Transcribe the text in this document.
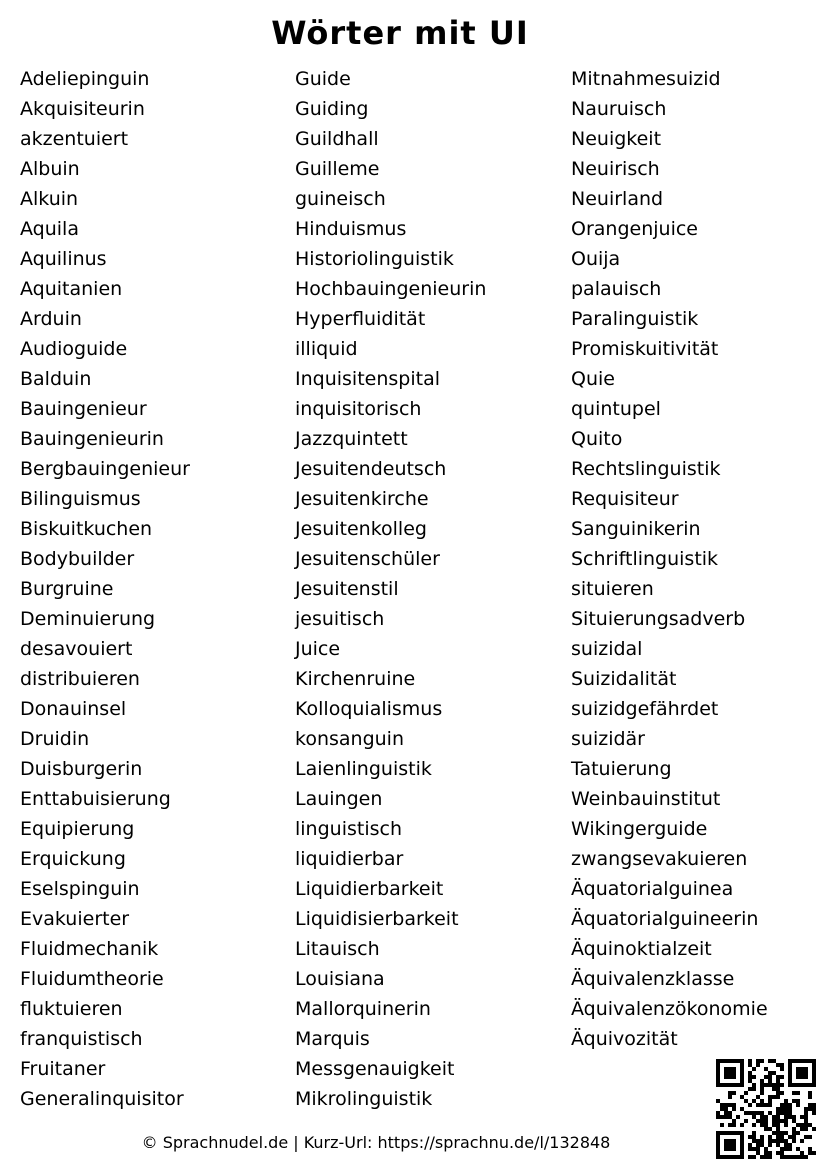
Wörter mit UI
Adeliepinguin
Akquisiteurin
akzentuiert
Albuin
Alkuin
Aquila
Aquilinus
Aquitanien
Arduin
Audioguide
Balduin
Bauingenieur
Bauingenieurin
Bergbauingenieur
Bilinguismus
Biskuitkuchen
Bodybuilder
Burgruine
Deminuierung
desavouiert
distribuieren
Donauinsel
Druidin
Duisburgerin
Enttabuisierung
Equipierung
Erquickung
Eselspinguin
Evakuierter
Fluidmechanik
Fluidumtheorie
fluktuieren
franquistisch
Fruitaner
Generalinquisitor
Guide
Guiding
Guildhall
Guilleme
guineisch
Hinduismus
Historiolinguistik
Hochbauingenieurin
Hyperfluidität
illiquid
Inquisitenspital
inquisitorisch
Jazzquintett
Jesuitendeutsch
Jesuitenkirche
Jesuitenkolleg
Jesuitenschüler
Jesuitenstil
jesuitisch
Juice
Kirchenruine
Kolloquialismus
konsanguin
Laienlinguistik
Lauingen
linguistisch
liquidierbar
Liquidierbarkeit
Liquidisierbarkeit
Litauisch
Louisiana
Mallorquinerin
Marquis
Messgenauigkeit
Mikrolinguistik
Mitnahmesuizid
Nauruisch
Neuigkeit
Neuirisch
Neuirland
Orangenjuice
Ouija
palauisch
Paralinguistik
Promiskuitivität
Quie
quintupel
Quito
Rechtslinguistik
Requisiteur
Sanguinikerin
Schriftlinguistik
situieren
Situierungsadverb
suizidal
Suizidalität
suizidgefährdet
suizidär
Tatuierung
Weinbauinstitut
Wikingerguide
zwangsevakuieren
Äquatorialguinea
Äquatorialguineerin
Äquinoktialzeit
Äquivalenzklasse
Äquivalenzökonomie
Äquivozität
© Sprachnudel.de | Kurz-Url: https://sprachnu.de/l/132848
